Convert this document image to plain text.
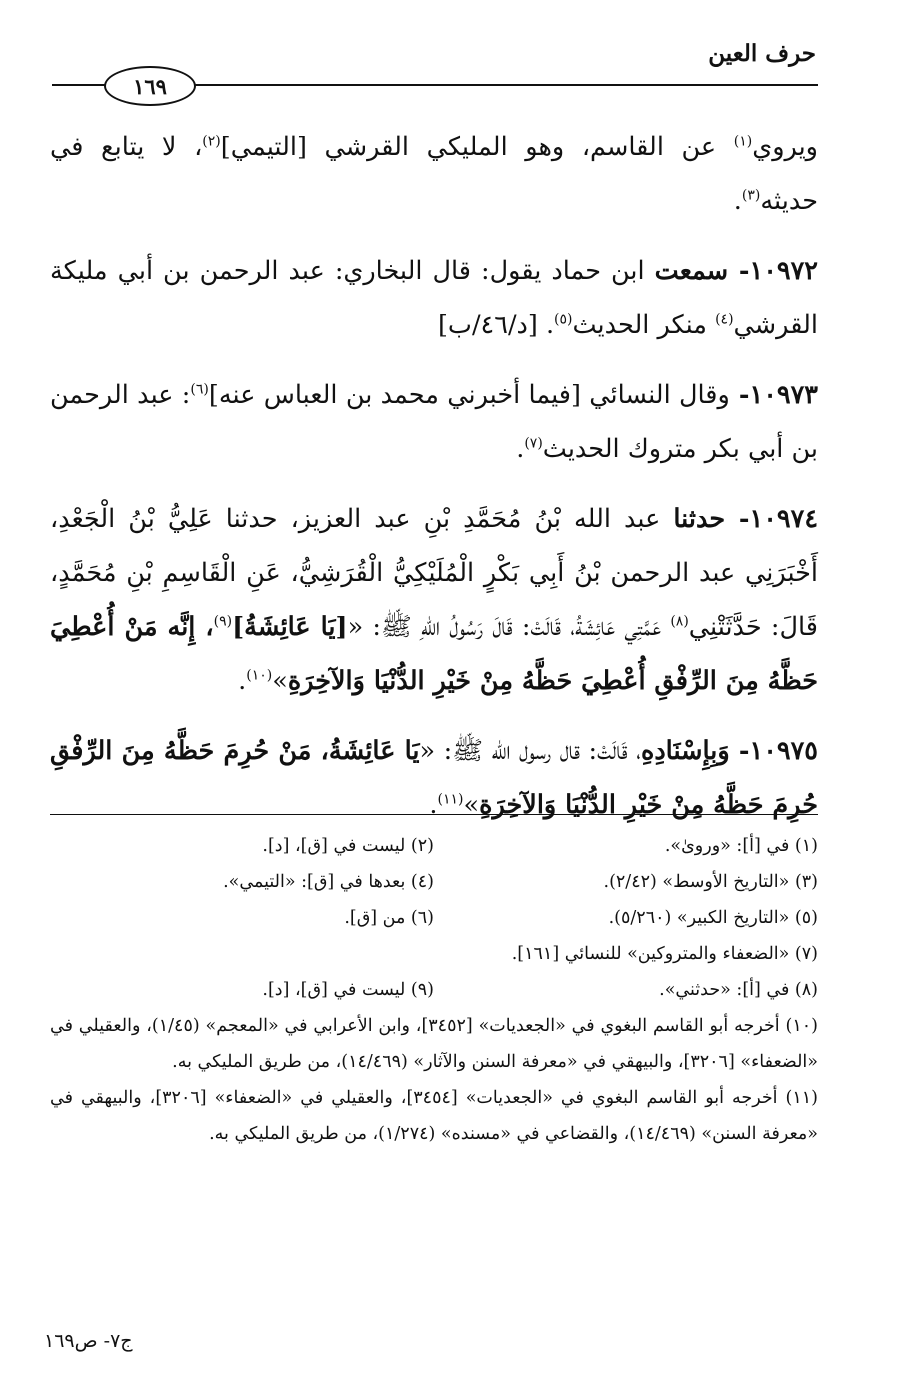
حرف العين
١٦٩

ويروي$^{(١)}$ عن القاسم، وهو المليكي القرشي [التيمي]$^{(٢)}$، لا يتابع في حديثه$^{(٣)}$.

١٠٩٧٢- سمعت ابن حماد يقول: قال البخاري: عبد الرحمن بن أبي مليكة القرشي$^{(٤)}$ منكر الحديث$^{(٥)}$. [د/٤٦/ب]

١٠٩٧٣- وقال النسائي [فيما أخبرني محمد بن العباس عنه]$^{(٦)}$: عبد الرحمن بن أبي بكر متروك الحديث$^{(٧)}$.

١٠٩٧٤- حدثنا عبد الله بْنُ مُحَمَّدِ بْنِ عبد العزيز، حدثنا عَلِيُّ بْنُ الْجَعْدِ، أَخْبَرَنِي عبد الرحمن بْنُ أَبِي بَكْرٍ الْمُلَيْكِيُّ الْقُرَشِيُّ، عَنِ الْقَاسِمِ بْنِ مُحَمَّدٍ، قَالَ: حَدَّثَتْنِي$^{(٨)}$ عَمَّتِي عَائِشَةُ، قَالَتْ: قَالَ رَسُولُ اللهِ ﷺ: «[يَا عَائِشَةُ]$^{(٩)}$، إِنَّه مَنْ أُعْطِيَ حَظَّهُ مِنَ الرِّفْقِ أُعْطِيَ حَظَّهُ مِنْ خَيْرِ الدُّنْيَا وَالآخِرَةِ»$^{(١٠)}$.

١٠٩٧٥- وَبِإِسْنَادِهِ، قَالَتْ: قال رسول الله ﷺ: «يَا عَائِشَةُ، مَنْ حُرِمَ حَظَّهُ مِنَ الرِّفْقِ حُرِمَ حَظَّهُ مِنْ خَيْرِ الدُّنْيَا وَالآخِرَةِ»$^{(١١)}$.

(١) في [أ]: «وروىٰ».
(٢) ليست في [ق]، [د].
(٣) «التاريخ الأوسط» (٢/٤٢).
(٤) بعدها في [ق]: «التيمي».
(٥) «التاريخ الكبير» (٥/٢٦٠).
(٦) من [ق].
(٧) «الضعفاء والمتروكين» للنسائي [١٦١].
(٨) في [أ]: «حدثني».
(٩) ليست في [ق]، [د].
(١٠) أخرجه أبو القاسم البغوي في «الجعديات» [٣٤٥٢]، وابن الأعرابي في «المعجم» (١/٤٥)، والعقيلي في «الضعفاء» [٣٢٠٦]، والبيهقي في «معرفة السنن والآثار» (١٤/٤٦٩)، من طريق المليكي به.
(١١) أخرجه أبو القاسم البغوي في «الجعديات» [٣٤٥٤]، والعقيلي في «الضعفاء» [٣٢٠٦]، والبيهقي في «معرفة السنن» (١٤/٤٦٩)، والقضاعي في «مسنده» (١/٢٧٤)، من طريق المليكي به.
ج٧- ص١٦٩
